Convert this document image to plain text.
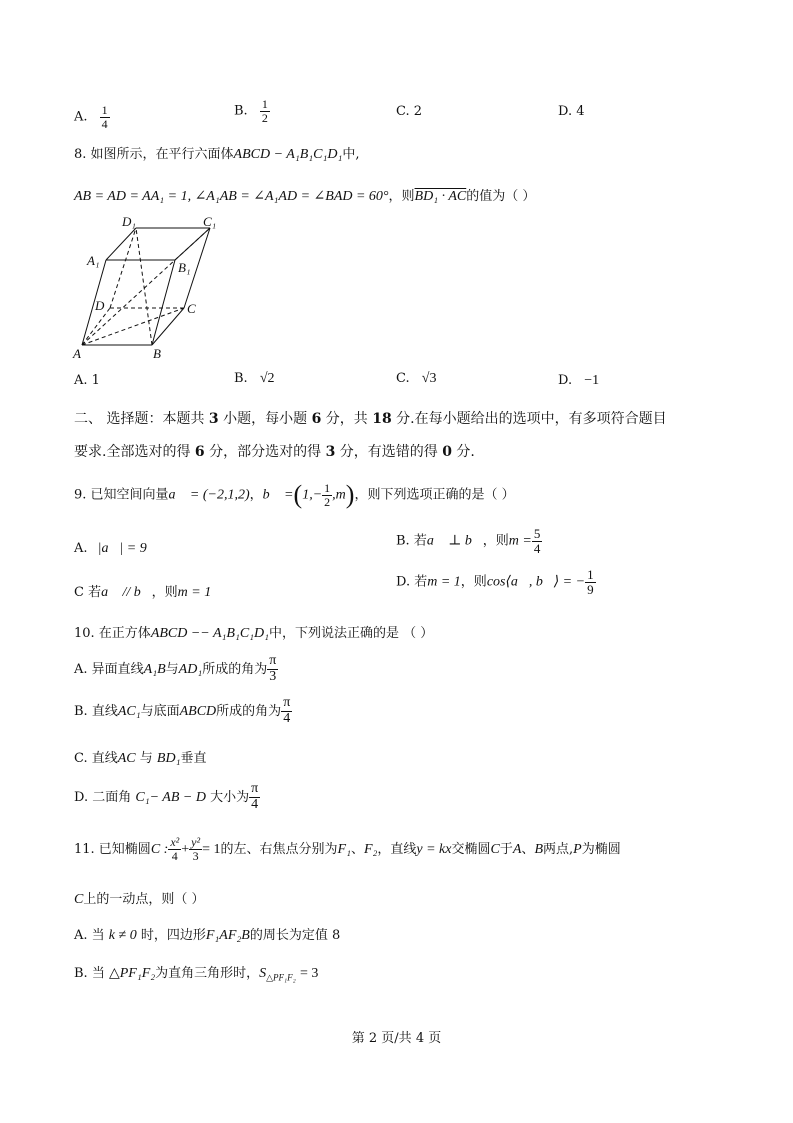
A. $\frac{1}{4}$	B. $\frac{1}{2}$	C. 2	D. 4
8. 如图所示，在平行六面体ABCD − A₁B₁C₁D₁中,
AB = AD = AA₁ = 1, ∠A₁AB = ∠A₁AD = ∠BAD = 60°，则BD₁ · AC的值为（ ）
D₁	C₁
A₁	B₁
D	C
A	B
A. 1	B. √2	C. √3	D. −1
二、 选择题：本题共 3 小题，每小题 6 分，共 18 分.在每小题给出的选项中，有多项符合题目
要求.全部选对的得 6 分，部分选对的得 3 分，有选错的得 0 分.
9. 已知空间向量a⃗ = (−2,1,2)，b⃗ $=(1,- \frac{1}{2} ,m)$，则下列选项正确的是（ ）
A. |a⃗| = 9	B. 若a⃗ ⊥ b⃗，则$m = \frac{5}{4}$
C 若a⃗ // b⃗，则m = 1
D. 若m = 1，则cos⟨a⃗, b⃗⟩ = − $\frac{1}{9}$
10. 在正方体ABCD −− A₁B₁C₁D₁中，下列说法正确的是 （ ）
A. 异面直线A₁B与AD₁所成的角为 $\frac{\pi}{3}$
B. 直线AC₁与底面ABCD所成的角为 $\frac{\pi}{4}$
C. 直线AC 与 BD₁垂直
D. 二面角 C₁− AB − D 大小为 $\frac{\pi}{4}$
11. 已知椭圆C : $\frac{\text{x²}}{4} + \frac{\text{y²}}{3} = 1$的左、右焦点分别为F₁、F₂，直线y = kx交椭圆C于A、B两点,P为椭圆
C上的一动点，则（ ）
A. 当 k ≠ 0 时，四边形F₁AF₂B的周长为定值 8
B. 当 △PF₁F₂为直角三角形时，$S_{\triangle PF_1F_2} = 3$
第 2 页/共 4 页
